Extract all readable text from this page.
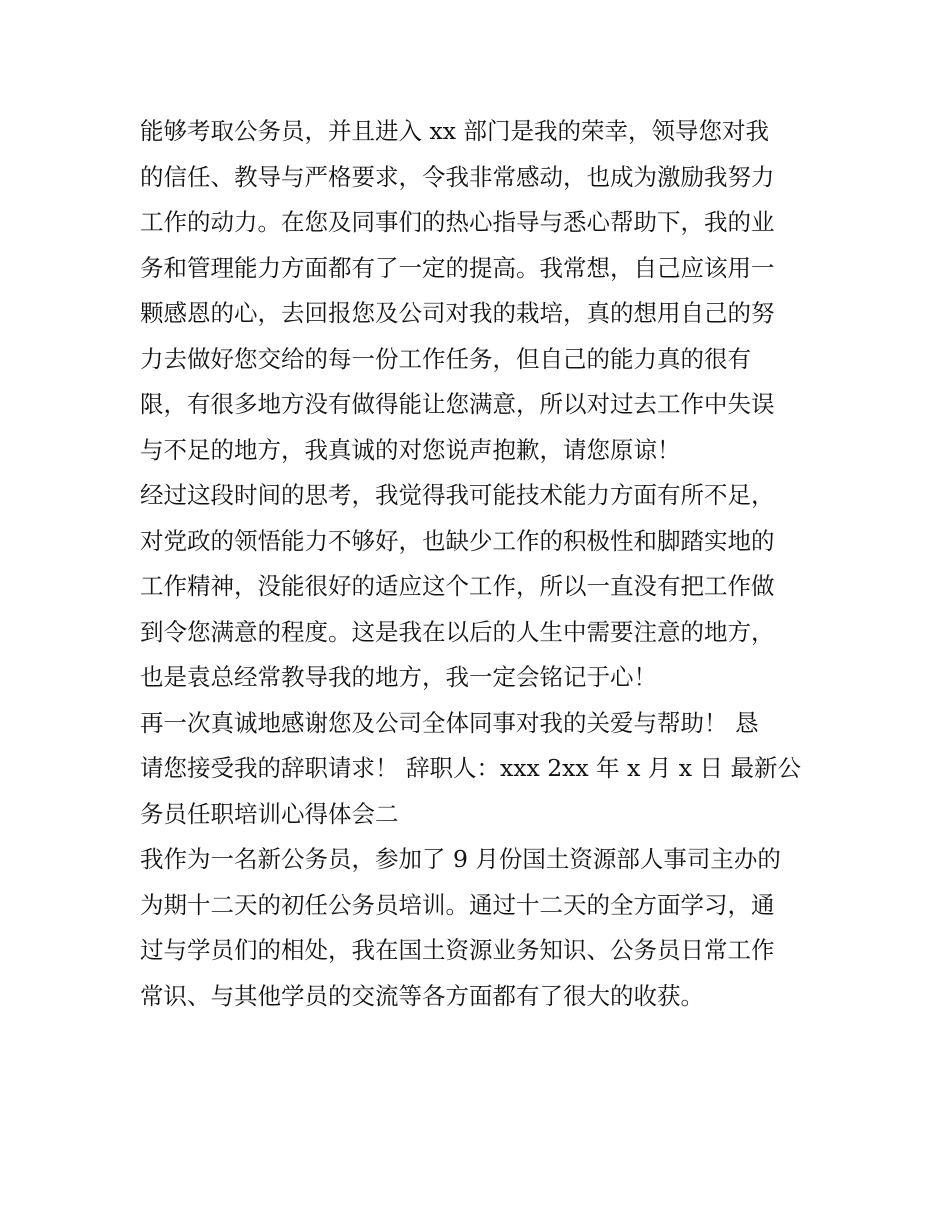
能够考取公务员，并且进入 xx 部门是我的荣幸，领导您对我
的信任、教导与严格要求，令我非常感动，也成为激励我努力
工作的动力。在您及同事们的热心指导与悉心帮助下，我的业
务和管理能力方面都有了一定的提高。我常想，自己应该用一
颗感恩的心，去回报您及公司对我的栽培，真的想用自己的努
力去做好您交给的每一份工作任务，但自己的能力真的很有
限，有很多地方没有做得能让您满意，所以对过去工作中失误
与不足的地方，我真诚的对您说声抱歉，请您原谅！
经过这段时间的思考，我觉得我可能技术能力方面有所不足，
对党政的领悟能力不够好，也缺少工作的积极性和脚踏实地的
工作精神，没能很好的适应这个工作，所以一直没有把工作做
到令您满意的程度。这是我在以后的人生中需要注意的地方，
也是袁总经常教导我的地方，我一定会铭记于心！
再一次真诚地感谢您及公司全体同事对我的关爱与帮助！ 恳
请您接受我的辞职请求！ 辞职人：xxx 2xx 年 x 月 x 日 最新公
务员任职培训心得体会二
我作为一名新公务员，参加了 9 月份国土资源部人事司主办的
为期十二天的初任公务员培训。通过十二天的全方面学习，通
过与学员们的相处，我在国土资源业务知识、公务员日常工作
常识、与其他学员的交流等各方面都有了很大的收获。
